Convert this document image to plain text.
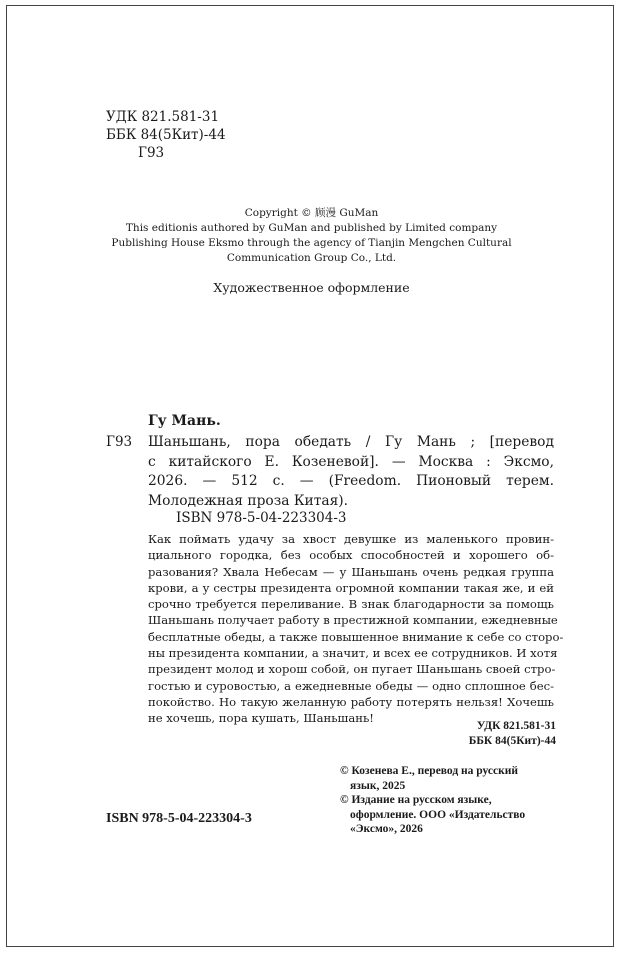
УДК 821.581-31
ББК 84(5Кит)-44
Г93
Copyright © 顾漫 GuMan
This editionis authored by GuMan and published by Limited company
Publishing House Eksmo through the agency of Tianjin Mengchen Cultural
Communication Group Co., Ltd.
Художественное оформление
Гу Мань.
Г93 Шаньшань, пора обедать / Гу Мань ; [перевод
с китайского Е. Козеневой]. — Москва : Эксмо,
2026. — 512 с. — (Freedom. Пионовый терем.
Молодежная проза Китая).
ISBN 978-5-04-223304-3
Как поймать удачу за хвост девушке из маленького провин-
циального городка, без особых способностей и хорошего об-
разования? Хвала Небесам — у Шаньшань очень редкая группа
крови, а у сестры президента огромной компании такая же, и ей
срочно требуется переливание. В знак благодарности за помощь
Шаньшань получает работу в престижной компании, ежедневные
бесплатные обеды, а также повышенное внимание к себе со сторо-
ны президента компании, а значит, и всех ее сотрудников. И хотя
президент молод и хорош собой, он пугает Шаньшань своей стро-
гостью и суровостью, а ежедневные обеды — одно сплошное бес-
покойство. Но такую желанную работу потерять нельзя! Хочешь
не хочешь, пора кушать, Шаньшань!
УДК 821.581-31
ББК 84(5Кит)-44
© Козенева Е., перевод на русский
язык, 2025
© Издание на русском языке,
оформление. ООО «Издательство
«Эксмо», 2026
ISBN 978-5-04-223304-3
